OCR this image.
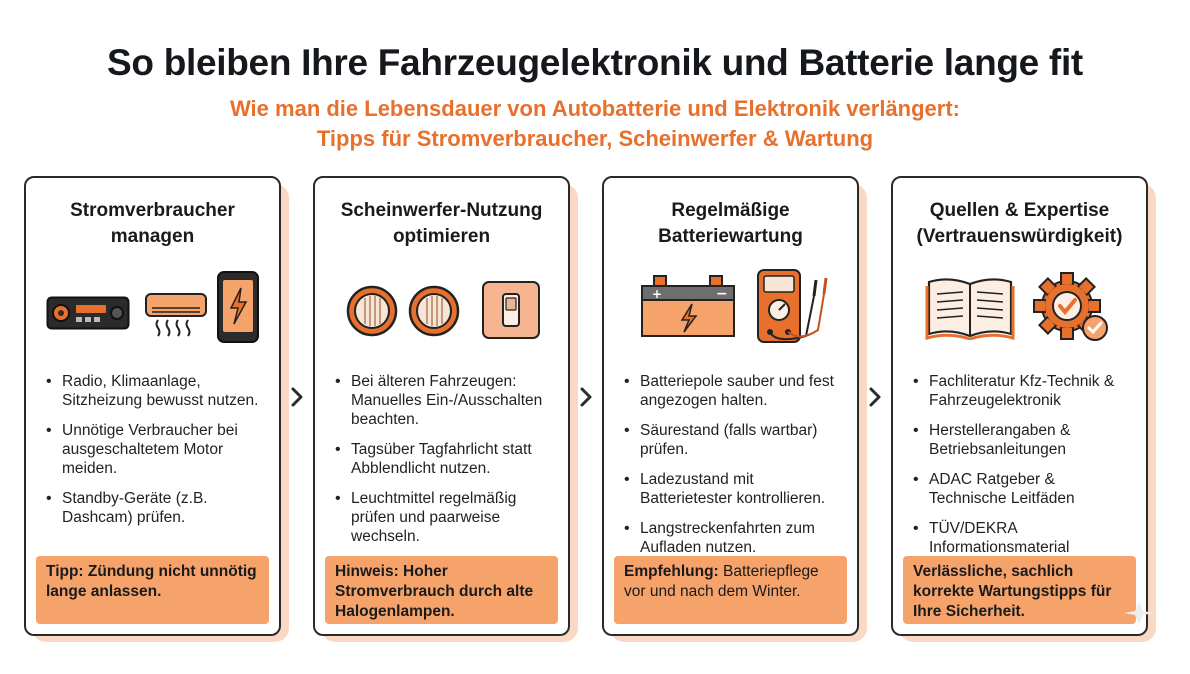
So bleiben Ihre Fahrzeugelektronik und Batterie lange fit
Wie man die Lebensdauer von Autobatterie und Elektronik verlängert:
Tipps für Stromverbraucher, Scheinwerfer & Wartung
Stromverbraucher
managen
• Radio, Klimaanlage, Sitzheizung bewusst nutzen.
• Unnötige Verbraucher bei ausgeschaltetem Motor meiden.
• Standby-Geräte (z.B. Dashcam) prüfen.
Tipp: Zündung nicht unnötig lange anlassen.
Scheinwerfer-Nutzung
optimieren
• Bei älteren Fahrzeugen: Manuelles Ein-/Ausschalten beachten.
• Tagsüber Tagfahrlicht statt Abblendlicht nutzen.
• Leuchtmittel regelmäßig prüfen und paarweise wechseln.
Hinweis: Hoher Stromverbrauch durch alte Halogenlampen.
Regelmäßige
Batteriewartung
+	−
• Batteriepole sauber und fest angezogen halten.
• Säurestand (falls wartbar) prüfen.
• Ladezustand mit Batterietester kontrollieren.
• Langstreckenfahrten zum Aufladen nutzen.
Empfehlung: Batteriepflege vor und nach dem Winter.
Quellen & Expertise
(Vertrauenswürdigkeit)
• Fachliteratur Kfz-Technik & Fahrzeugelektronik
• Herstellerangaben & Betriebsanleitungen
• ADAC Ratgeber & Technische Leitfäden
• TÜV/DEKRA Informationsmaterial
Verlässliche, sachlich korrekte Wartungstipps für Ihre Sicherheit.
